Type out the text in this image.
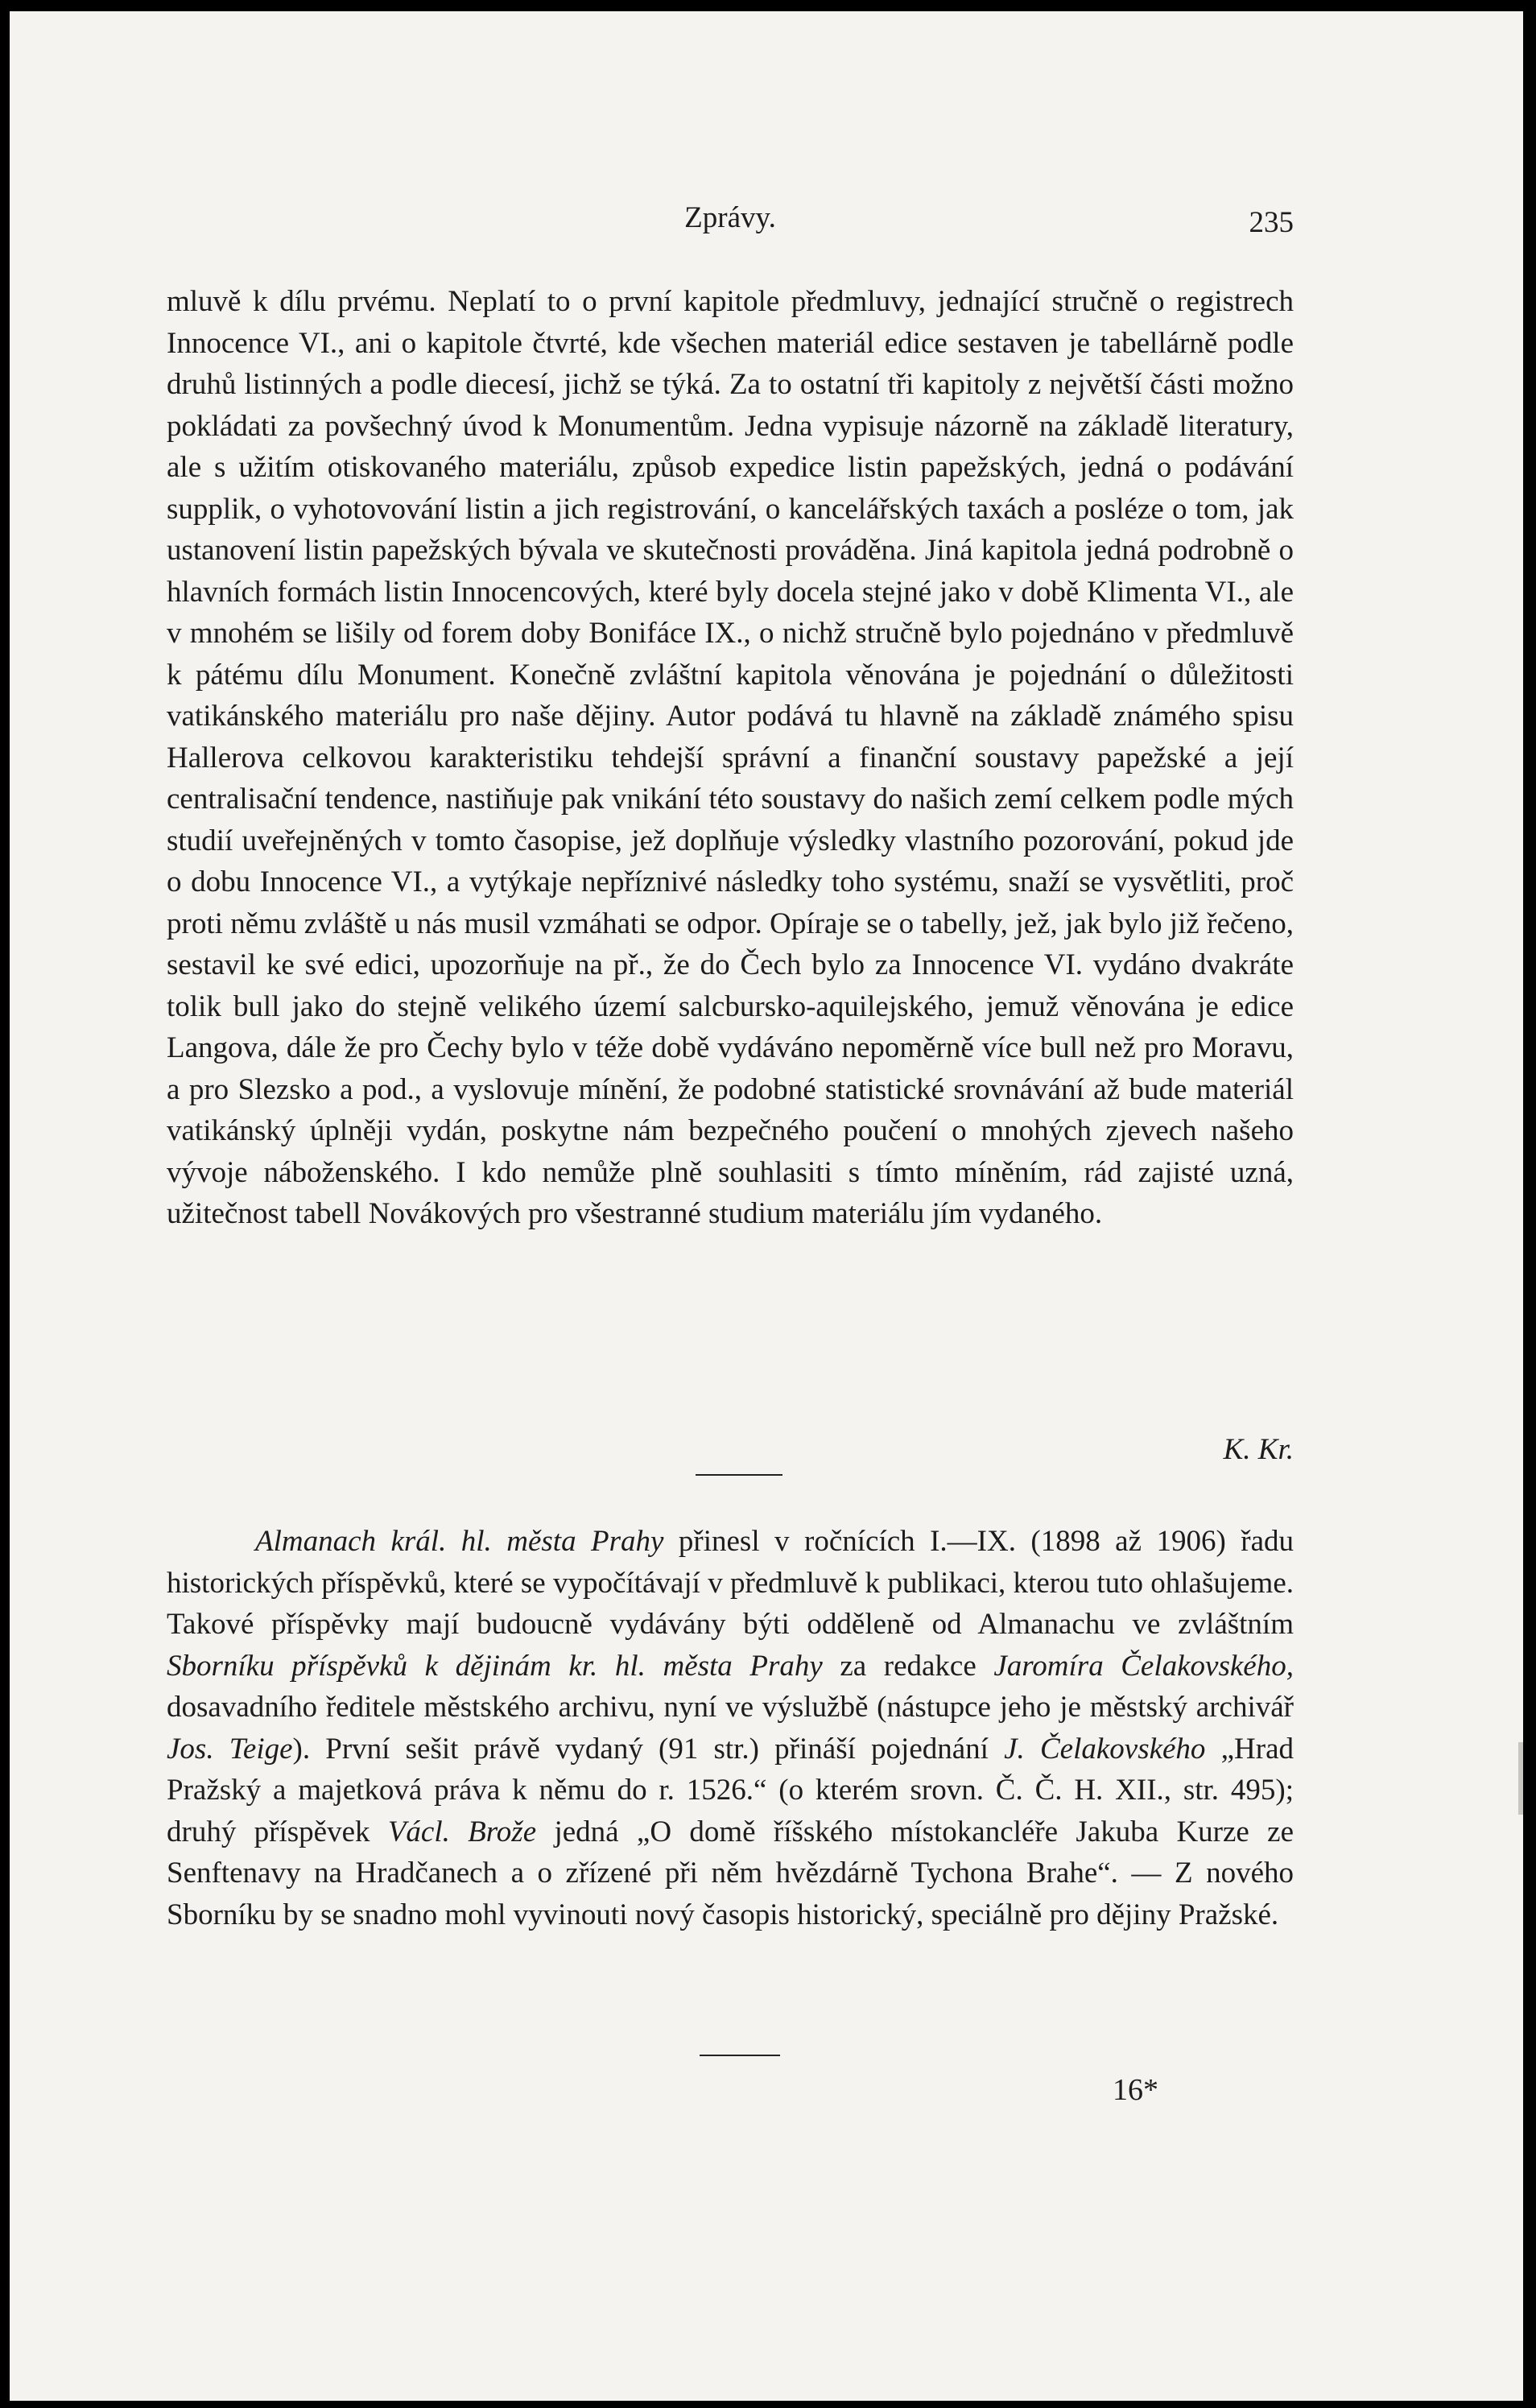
Zprávy.	235

mluvě k dílu prvému. Neplatí to o první kapitole předmluvy, jednající stručně o registrech Innocence VI., ani o kapitole čtvrté, kde všechen materiál edice sestaven je tabellárně podle druhů listinných a podle diecesí, jichž se týká. Za to ostatní tři kapitoly z největší části možno pokládati za povšechný úvod k Monumentům. Jedna vypisuje názorně na základě literatury, ale s užitím otiskovaného materiálu, způsob expedice listin papežských, jedná o podávání supplik, o vyhotovování listin a jich registrování, o kancelářských taxách a posléze o tom, jak ustanovení listin papežských bývala ve skutečnosti prováděna. Jiná kapitola jedná podrobně o hlavních formách listin Innocencových, které byly docela stejné jako v době Klimenta VI., ale v mnohém se lišily od forem doby Bonifáce IX., o nichž stručně bylo pojednáno v předmluvě k pátému dílu Monument. Konečně zvláštní kapitola věnována je pojednání o důležitosti vatikánského materiálu pro naše dějiny. Autor podává tu hlavně na základě známého spisu Hallerova celkovou karakteristiku tehdejší správní a finanční soustavy papežské a její centralisační tendence, nastiňuje pak vnikání této soustavy do našich zemí celkem podle mých studií uveřejněných v tomto časopise, jež doplňuje výsledky vlastního pozorování, pokud jde o dobu Innocence VI., a vytýkaje nepříznivé následky toho systému, snaží se vysvětliti, proč proti němu zvláště u nás musil vzmáhati se odpor. Opíraje se o tabelly, jež, jak bylo již řečeno, sestavil ke své edici, upozorňuje na př., že do Čech bylo za Innocence VI. vydáno dvakráte tolik bull jako do stejně velikého území salcbursko-aquilejského, jemuž věnována je edice Langova, dále že pro Čechy bylo v téže době vydáváno nepoměrně více bull než pro Moravu, a pro Slezsko a pod., a vyslovuje mínění, že podobné statistické srovnávání až bude materiál vatikánský úplněji vydán, poskytne nám bezpečného poučení o mnohých zjevech našeho vývoje náboženského. I kdo nemůže plně souhlasiti s tímto míněním, rád zajisté uzná, užitečnost tabell Novákových pro všestranné studium materiálu jím vydaného.

K. Kr.

Almanach král. hl. města Prahy přinesl v ročnících I.—IX. (1898 až 1906) řadu historických příspěvků, které se vypočítávají v předmluvě k publikaci, kterou tuto ohlašujeme. Takové příspěvky mají budoucně vydávány býti odděleně od Almanachu ve zvláštním Sborníku příspěvků k dějinám kr. hl. města Prahy za redakce Jaromíra Čelakovského, dosavadního ředitele městského archivu, nyní ve výslužbě (nástupce jeho je městský archivář Jos. Teige). První sešit právě vydaný (91 str.) přináší pojednání J. Čelakovského „Hrad Pražský a majetková práva k němu do r. 1526.“ (o kterém srovn. Č. Č. H. XII., str. 495); druhý příspěvek Václ. Brože jedná „O domě říšského místokancléře Jakuba Kurze ze Senftenavy na Hradčanech a o zřízené při něm hvězdárně Tychona Brahe“. — Z nového Sborníku by se snadno mohl vyvinouti nový časopis historický, speciálně pro dějiny Pražské.

16*
